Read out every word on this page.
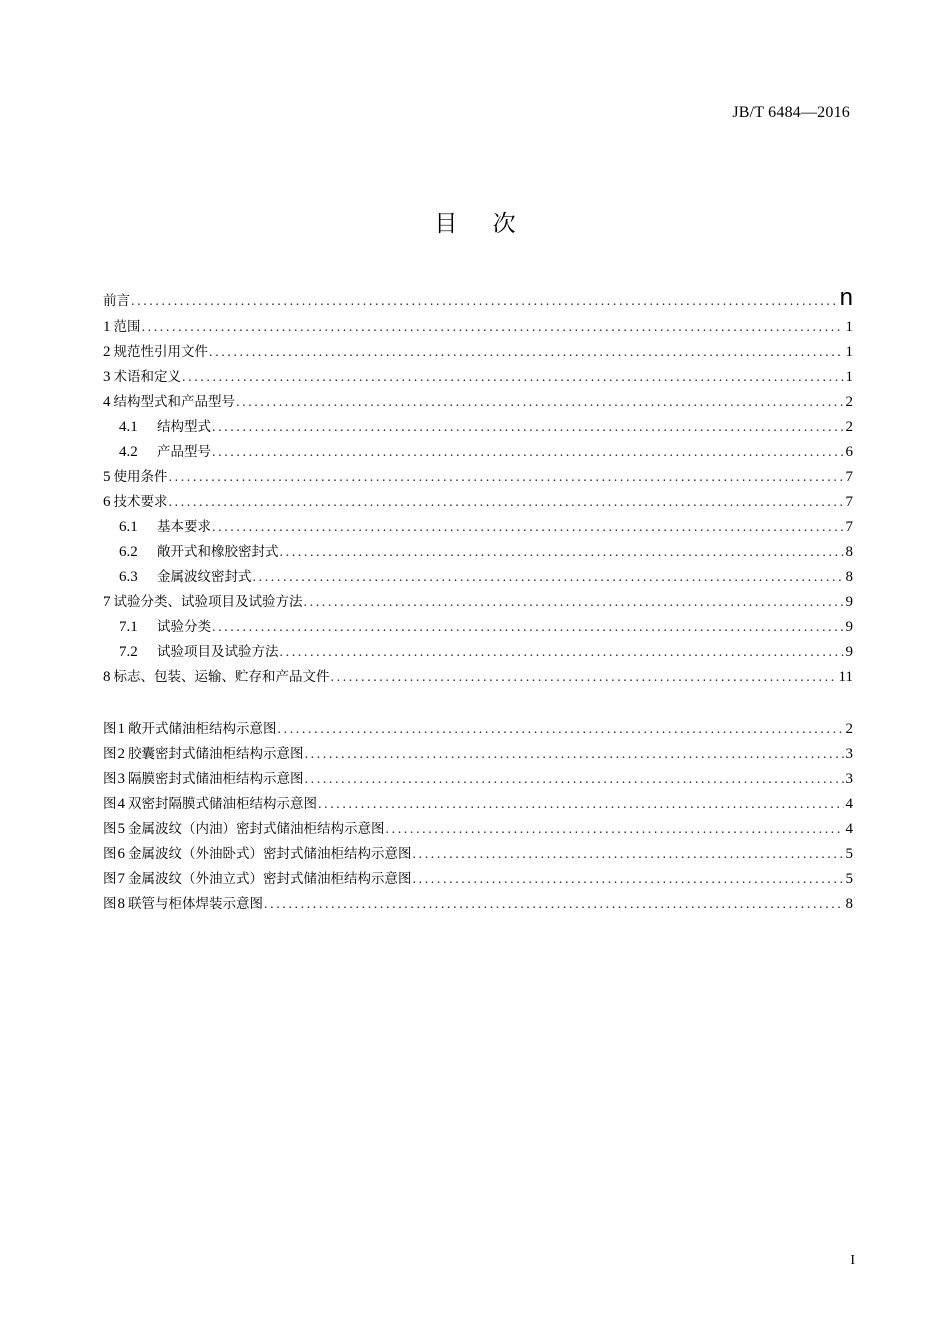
JB/T 6484—2016
目 次
前言 .....	n
1 范围 .....	1
2 规范性引用文件 .....	1
3 术语和定义 .....	1
4 结构型式和产品型号 .....	2
4.1	结构型式 .....	2
4.2	产品型号 .....	6
5 使用条件 .....	7
6 技术要求 .....	7
6.1	基本要求 .....	7
6.2	敞开式和橡胶密封式 .....	8
6.3	金属波纹密封式 .....	8
7 试验分类、试验项目及试验方法 .....	9
7.1	试验分类 .....	9
7.2	试验项目及试验方法 .....	9
8 标志、包装、运输、贮存和产品文件 .....	11
图 1 敞开式储油柜结构示意图 .....	2
图 2 胶囊密封式储油柜结构示意图 .....	3
图 3 隔膜密封式储油柜结构示意图 .....	3
图 4 双密封隔膜式储油柜结构示意图 .....	4
图 5 金属波纹（内油）密封式储油柜结构示意图 .....	4
图 6 金属波纹（外油卧式）密封式储油柜结构示意图 .....	5
图 7 金属波纹（外油立式）密封式储油柜结构示意图 .....	5
图 8 联管与柜体焊装示意图 .....	8
I
